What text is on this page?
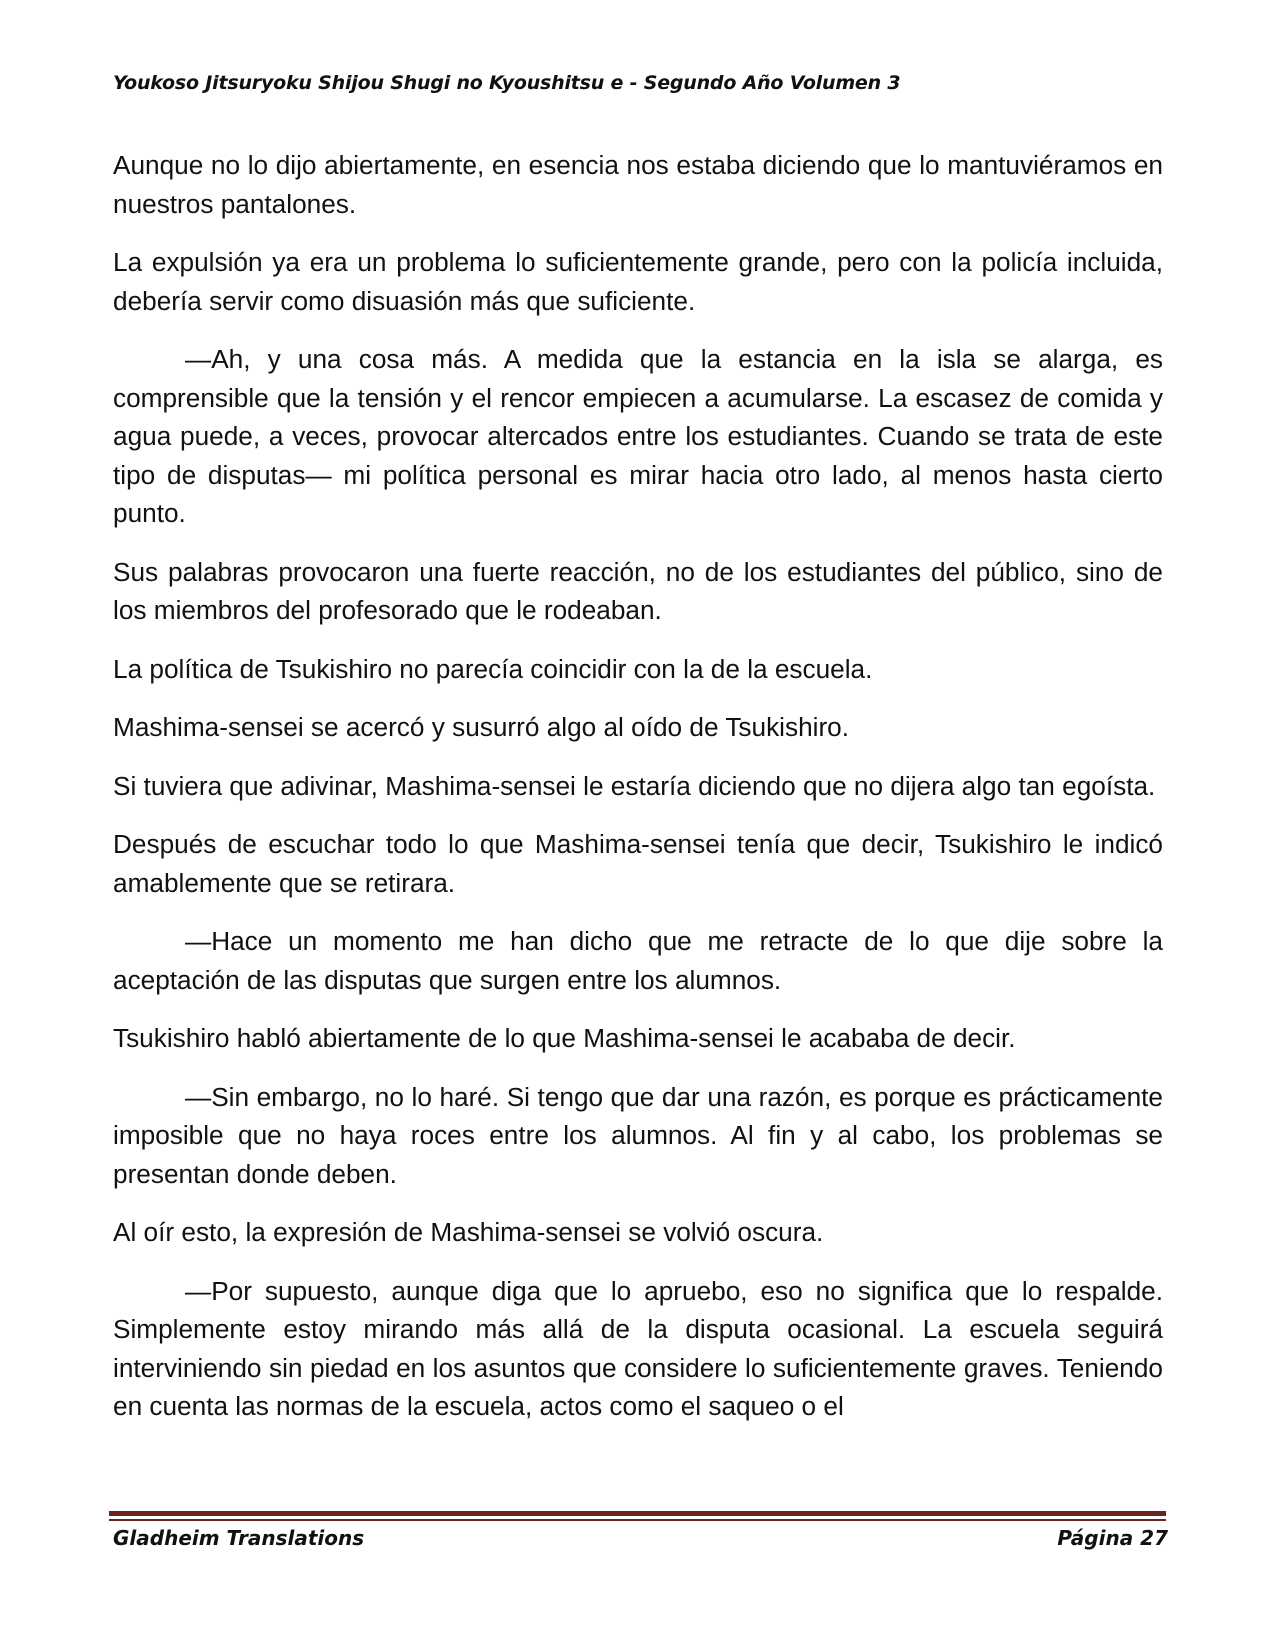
Youkoso Jitsuryoku Shijou Shugi no Kyoushitsu e - Segundo Año Volumen 3

Aunque no lo dijo abiertamente, en esencia nos estaba diciendo que lo mantuviéramos en nuestros pantalones.

La expulsión ya era un problema lo suficientemente grande, pero con la policía incluida, debería servir como disuasión más que suficiente.

—Ah, y una cosa más. A medida que la estancia en la isla se alarga, es comprensible que la tensión y el rencor empiecen a acumularse. La escasez de comida y agua puede, a veces, provocar altercados entre los estudiantes. Cuando se trata de este tipo de disputas— mi política personal es mirar hacia otro lado, al menos hasta cierto punto.

Sus palabras provocaron una fuerte reacción, no de los estudiantes del público, sino de los miembros del profesorado que le rodeaban.

La política de Tsukishiro no parecía coincidir con la de la escuela.

Mashima-sensei se acercó y susurró algo al oído de Tsukishiro.

Si tuviera que adivinar, Mashima-sensei le estaría diciendo que no dijera algo tan egoísta.

Después de escuchar todo lo que Mashima-sensei tenía que decir, Tsukishiro le indicó amablemente que se retirara.

—Hace un momento me han dicho que me retracte de lo que dije sobre la aceptación de las disputas que surgen entre los alumnos.

Tsukishiro habló abiertamente de lo que Mashima-sensei le acababa de decir.

—Sin embargo, no lo haré. Si tengo que dar una razón, es porque es prácticamente imposible que no haya roces entre los alumnos. Al fin y al cabo, los problemas se presentan donde deben.

Al oír esto, la expresión de Mashima-sensei se volvió oscura.

—Por supuesto, aunque diga que lo apruebo, eso no significa que lo respalde. Simplemente estoy mirando más allá de la disputa ocasional. La escuela seguirá interviniendo sin piedad en los asuntos que considere lo suficientemente graves. Teniendo en cuenta las normas de la escuela, actos como el saqueo o el

Gladheim Translations	Página 27
